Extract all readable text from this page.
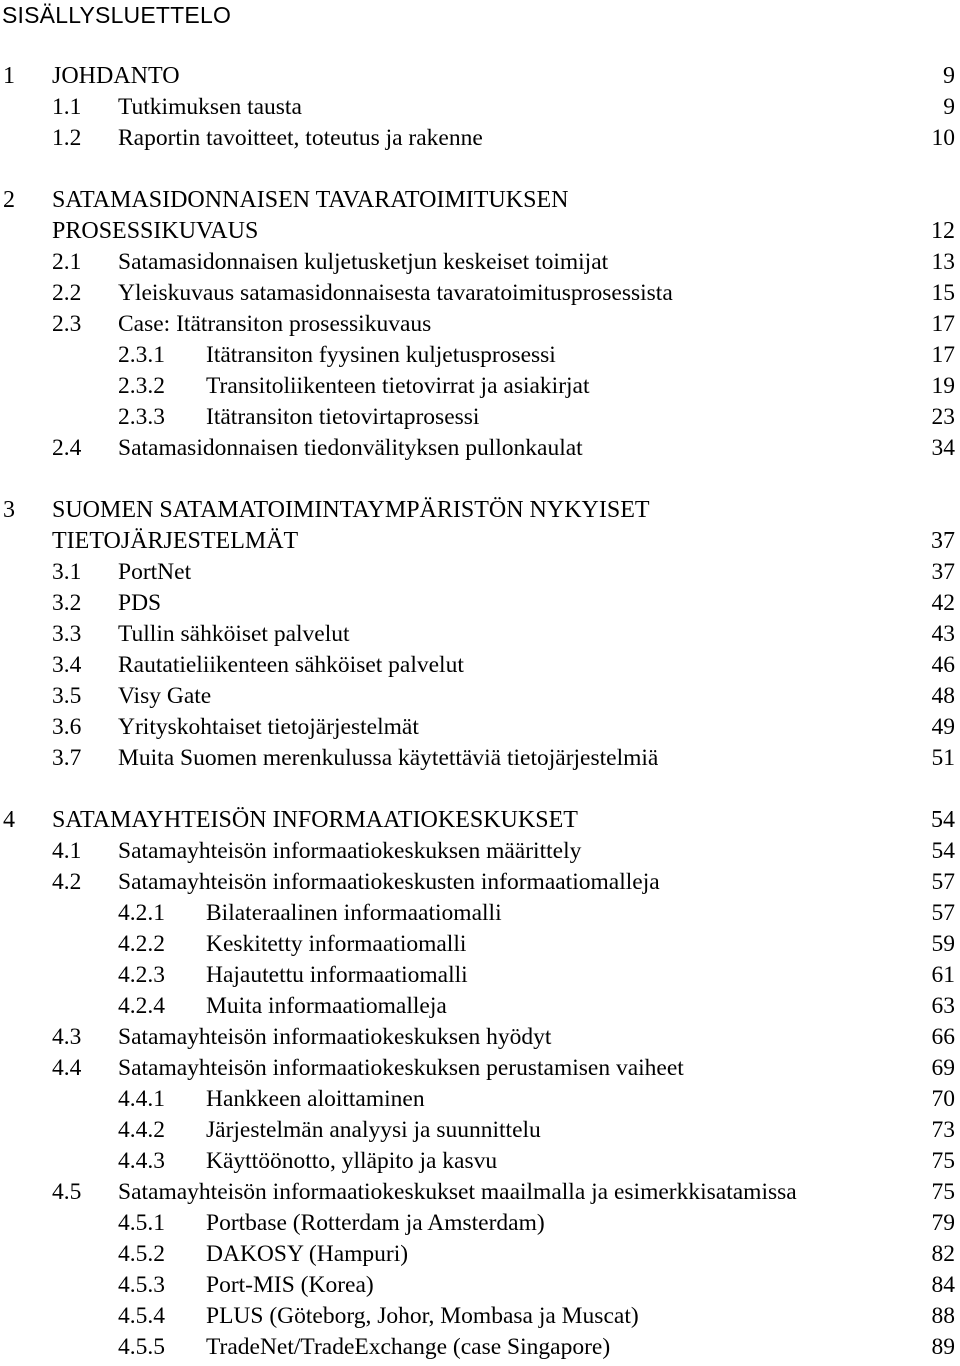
SISÄLLYSLUETTELO
1 JOHDANTO	9
1.1 Tutkimuksen tausta	9
1.2 Raportin tavoitteet, toteutus ja rakenne	10
2 SATAMASIDONNAISEN TAVARATOIMITUKSEN
PROSESSIKUVAUS	12
2.1 Satamasidonnaisen kuljetusketjun keskeiset toimijat	13
2.2 Yleiskuvaus satamasidonnaisesta tavaratoimitusprosessista	15
2.3 Case: Itätransiton prosessikuvaus	17
2.3.1 Itätransiton fyysinen kuljetusprosessi	17
2.3.2 Transitoliikenteen tietovirrat ja asiakirjat	19
2.3.3 Itätransiton tietovirtaprosessi	23
2.4 Satamasidonnaisen tiedonvälityksen pullonkaulat	34
3 SUOMEN SATAMATOIMINTAYMPÄRISTÖN NYKYISET
TIETOJÄRJESTELMÄT	37
3.1 PortNet	37
3.2 PDS	42
3.3 Tullin sähköiset palvelut	43
3.4 Rautatieliikenteen sähköiset palvelut	46
3.5 Visy Gate	48
3.6 Yrityskohtaiset tietojärjestelmät	49
3.7 Muita Suomen merenkulussa käytettäviä tietojärjestelmiä	51
4 SATAMAYHTEISÖN INFORMAATIOKESKUKSET	54
4.1 Satamayhteisön informaatiokeskuksen määrittely	54
4.2 Satamayhteisön informaatiokeskusten informaatiomalleja	57
4.2.1 Bilateraalinen informaatiomalli	57
4.2.2 Keskitetty informaatiomalli	59
4.2.3 Hajautettu informaatiomalli	61
4.2.4 Muita informaatiomalleja	63
4.3 Satamayhteisön informaatiokeskuksen hyödyt	66
4.4 Satamayhteisön informaatiokeskuksen perustamisen vaiheet	69
4.4.1 Hankkeen aloittaminen	70
4.4.2 Järjestelmän analyysi ja suunnittelu	73
4.4.3 Käyttöönotto, ylläpito ja kasvu	75
4.5 Satamayhteisön informaatiokeskukset maailmalla ja esimerkkisatamissa	75
4.5.1 Portbase (Rotterdam ja Amsterdam)	79
4.5.2 DAKOSY (Hampuri)	82
4.5.3 Port-MIS (Korea)	84
4.5.4 PLUS (Göteborg, Johor, Mombasa ja Muscat)	88
4.5.5 TradeNet/TradeExchange (case Singapore)	89
